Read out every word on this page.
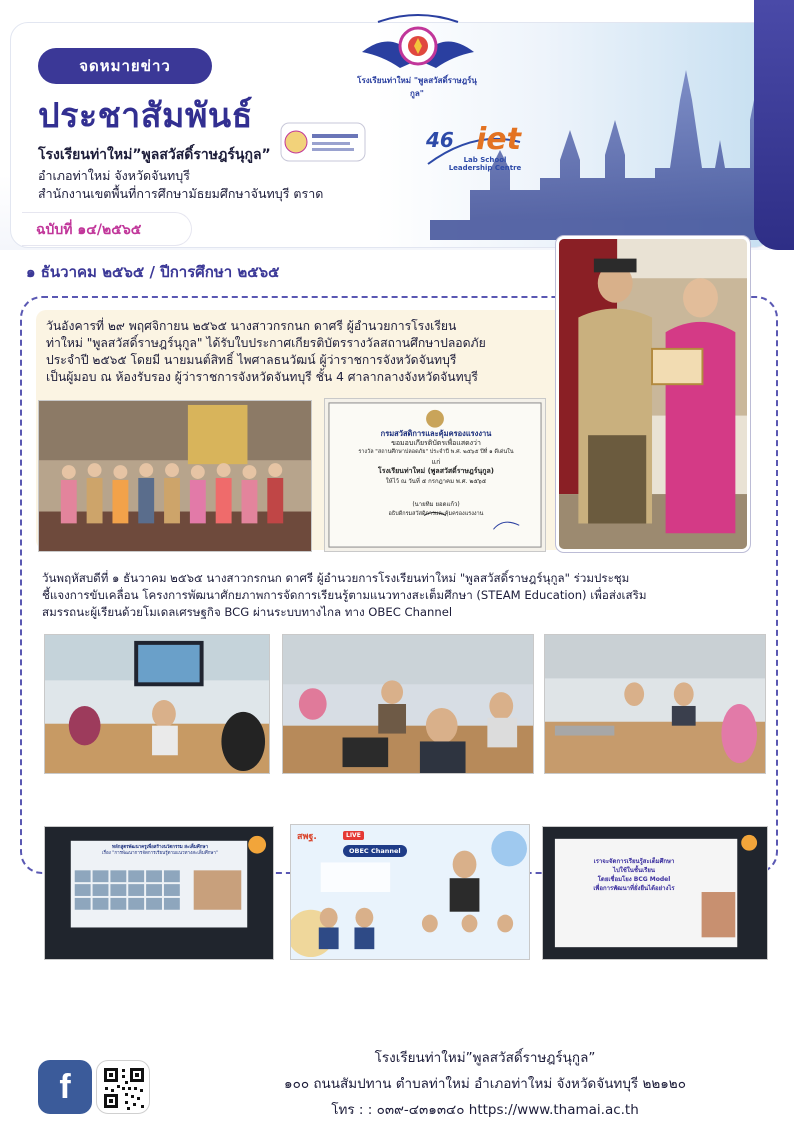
โรงเรียนท่าใหม่ "พูลสวัสดิ์ราษฎร์นุกูล"
จดหมายข่าว
ประชาสัมพันธ์
โรงเรียนท่าใหม่”พูลสวัสดิ์ราษฎร์นุกูล”
อำเภอท่าใหม่ จังหวัดจันทบุรี
สำนักงานเขตพื้นที่การศึกษามัธยมศึกษาจันทบุรี ตราด
46 iet
Lab School
Leadership Centre
ฉบับที่ ๑๔/๒๕๖๕
๑ ธันวาคม ๒๕๖๕ / ปีการศึกษา ๒๕๖๕
วันอังคารที่ ๒๙ พฤศจิกายน ๒๕๖๕ นางสาวกรกนก ดาศรี ผู้อำนวยการโรงเรียน
ท่าใหม่ "พูลสวัสดิ์ราษฎร์นุกูล" ได้รับใบประกาศเกียรติบัตรรางวัลสถานศึกษาปลอดภัย
ประจำปี ๒๕๖๕ โดยมี นายมนต์สิทธิ์ ไพศาลธนวัฒน์ ผู้ว่าราชการจังหวัดจันทบุรี
เป็นผู้มอบ ณ ห้องรับรอง ผู้ว่าราชการจังหวัดจันทบุรี ชั้น 4 ศาลากลางจังหวัดจันทบุรี
กรมสวัสดิการและคุ้มครองแรงงาน
ขอมอบเกียรติบัตรเพื่อแสดงว่า
รางวัล "สถานศึกษาปลอดภัย" ประจำปี พ.ศ. ๒๕๖๕ ปีที่ ๑ ดีเด่นใน
แก่
โรงเรียนท่าใหม่ (พูลสวัสดิ์ราษฎร์นุกูล)
ให้ไว้ ณ วันที่ ๕ กรกฎาคม พ.ศ. ๒๕๖๕
(นายทิม ยอดแก้ว)
อธิบดีกรมสวัสดิการและคุ้มครองแรงงาน
วันพฤหัสบดีที่ ๑ ธันวาคม ๒๕๖๕ นางสาวกรกนก ดาศรี ผู้อำนวยการโรงเรียนท่าใหม่ "พูลสวัสดิ์ราษฎร์นุกูล" ร่วมประชุม
ชี้แจงการขับเคลื่อน โครงการพัฒนาศักยภาพการจัดการเรียนรู้ตามแนวทางสะเต็มศึกษา (STEAM Education) เพื่อส่งเสริม
สมรรถนะผู้เรียนด้วยโมเดลเศรษฐกิจ BCG ผ่านระบบทางไกล ทาง OBEC Channel
หลักสูตรพัฒนาครูเพื่อสร้างนวัตกรรม สะเต็มศึกษา
เรื่อง "การพัฒนาการจัดการเรียนรู้ตามแนวทางสะเต็มศึกษา"
สพฐ.	LIVE
OBEC Channel
เราจะจัดการเรียนรู้สะเต็มศึกษา
ไปใช้ในชั้นเรียน
โดยเชื่อมโยง BCG Model
เพื่อการพัฒนาที่ยั่งยืนได้อย่างไร
โรงเรียนท่าใหม่”พูลสวัสดิ์ราษฎร์นุกูล”
๑๐๐ ถนนสัมปทาน ตำบลท่าใหม่ อำเภอท่าใหม่ จังหวัดจันทบุรี ๒๒๑๒๐
โทร : : ๐๓๙-๔๓๑๓๔๐ https://www.thamai.ac.th
f
